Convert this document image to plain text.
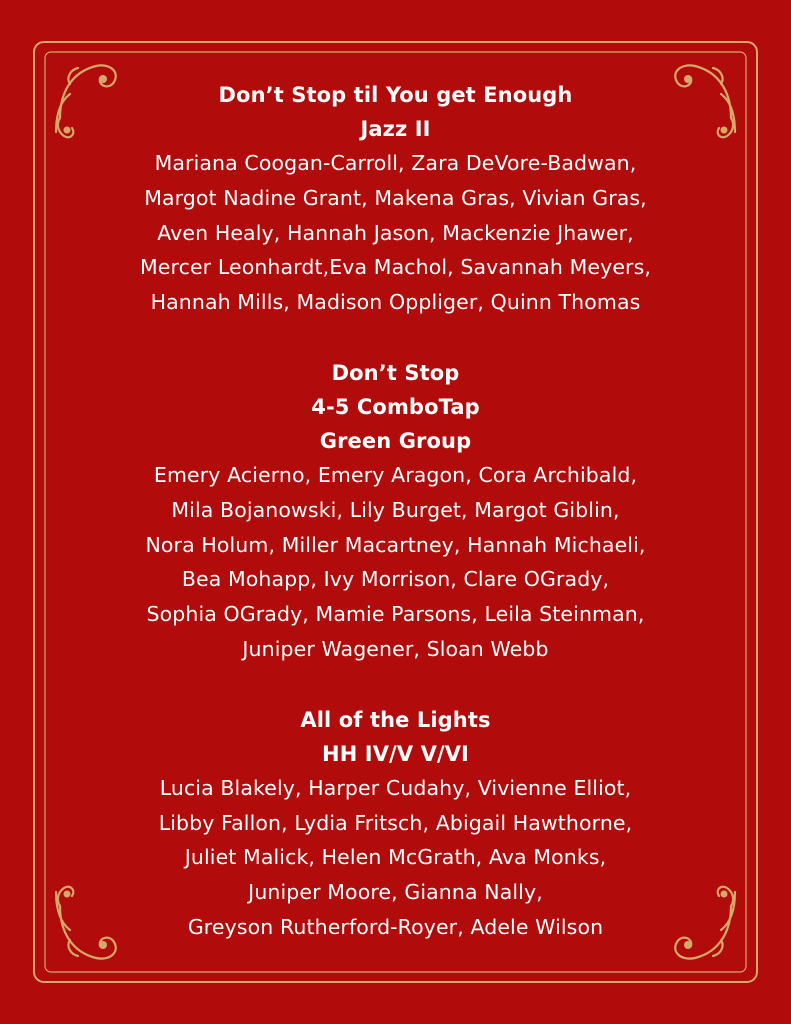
Don’t Stop til You get Enough
Jazz II
Mariana Coogan-Carroll, Zara DeVore-Badwan,
Margot Nadine Grant, Makena Gras, Vivian Gras,
Aven Healy, Hannah Jason, Mackenzie Jhawer,
Mercer Leonhardt,Eva Machol, Savannah Meyers,
Hannah Mills, Madison Oppliger, Quinn Thomas
Don’t Stop
4-5 ComboTap
Green Group
Emery Acierno, Emery Aragon, Cora Archibald,
Mila Bojanowski, Lily Burget, Margot Giblin,
Nora Holum, Miller Macartney, Hannah Michaeli,
Bea Mohapp, Ivy Morrison, Clare OGrady,
Sophia OGrady, Mamie Parsons, Leila Steinman,
Juniper Wagener, Sloan Webb
All of the Lights
HH IV/V V/VI
Lucia Blakely, Harper Cudahy, Vivienne Elliot,
Libby Fallon, Lydia Fritsch, Abigail Hawthorne,
Juliet Malick, Helen McGrath, Ava Monks,
Juniper Moore, Gianna Nally,
Greyson Rutherford-Royer, Adele Wilson
